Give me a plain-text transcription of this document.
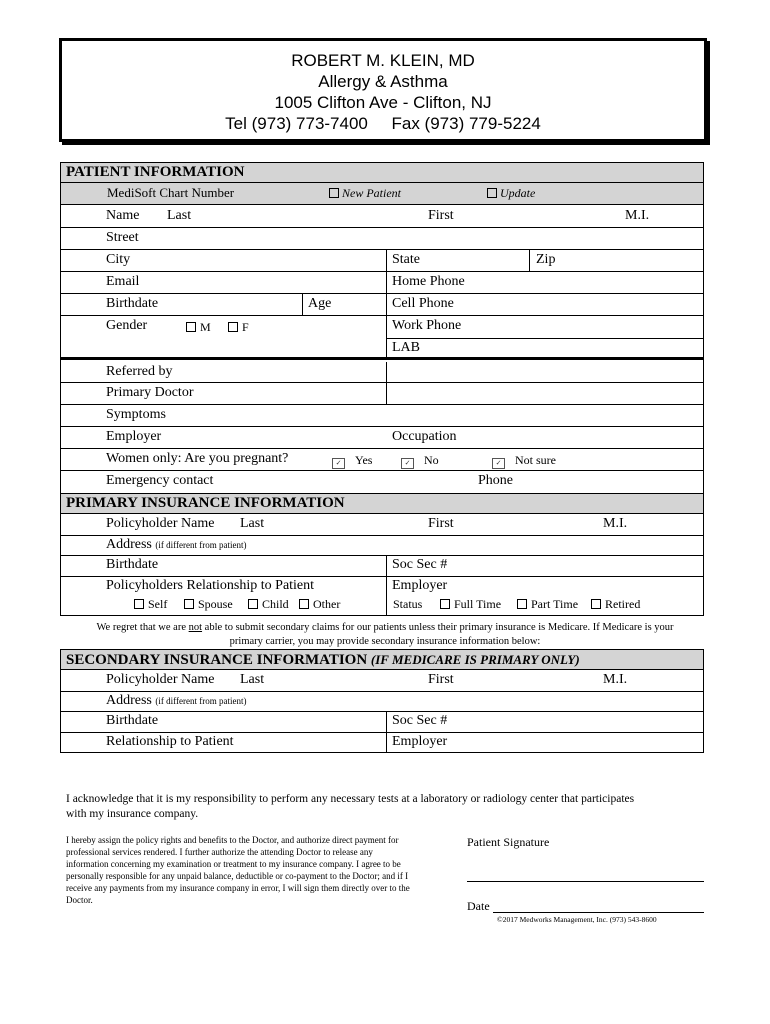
ROBERT M. KLEIN, MD
Allergy & Asthma
1005 Clifton Ave - Clifton, NJ
Tel (973) 773-7400     Fax (973) 779-5224
PATIENT INFORMATION
MediSoft Chart Number	New Patient	Update
Name Last	First	M.I.
Street
City	State	Zip
Email	Home Phone
Birthdate	Age	Cell Phone
Gender	M	F	Work Phone
LAB
Referred by
Primary Doctor
Symptoms
Employer	Occupation
Women only: Are you pregnant?	✓ Yes	✓ No	✓ Not sure
Emergency contact	Phone
PRIMARY INSURANCE INFORMATION
Policyholder Name Last	First	M.I.
Address (if different from patient)
Birthdate	Soc Sec #
Policyholders Relationship to Patient	Employer
Self	Spouse	Child	Other	Status	Full Time	Part Time	Retired
We regret that we are not able to submit secondary claims for our patients unless their primary insurance is Medicare. If Medicare is your
primary carrier, you may provide secondary insurance information below:
SECONDARY INSURANCE INFORMATION (IF MEDICARE IS PRIMARY ONLY)
Policyholder Name Last	First	M.I.
Address (if different from patient)
Birthdate	Soc Sec #
Relationship to Patient	Employer
I acknowledge that it is my responsibility to perform any necessary tests at a laboratory or radiology center that participates
with my insurance company.
I hereby assign the policy rights and benefits to the Doctor, and authorize direct payment for
professional services rendered. I further authorize the attending Doctor to release any
information concerning my examination or treatment to my insurance company. I agree to be
personally responsible for any unpaid balance, deductible or co-payment to the Doctor; and if I
receive any payments from my insurance company in error, I will sign them directly over to the
Doctor.
Patient Signature
Date
©2017 Medworks Management, Inc. (973) 543-8600
